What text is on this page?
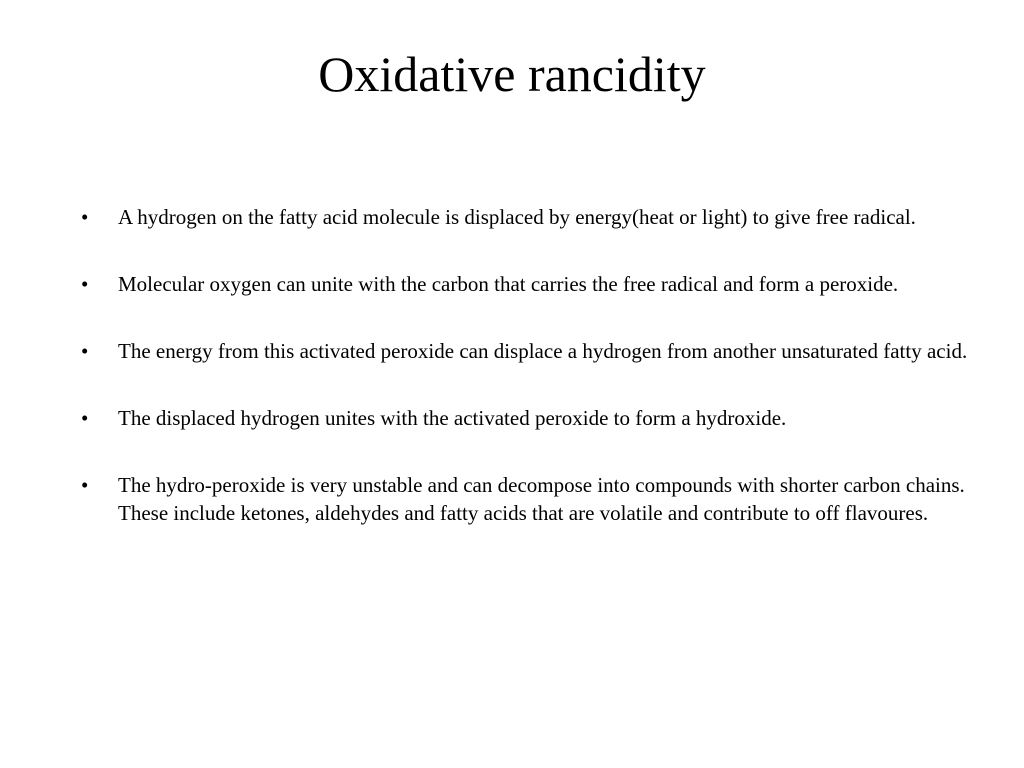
Oxidative rancidity
• A hydrogen on the fatty acid molecule is displaced by energy(heat or light) to give free radical.
• Molecular oxygen can unite with the carbon that carries the free radical and form a peroxide.
• The energy from this activated peroxide can displace a hydrogen from another unsaturated fatty acid.
• The displaced hydrogen unites with the activated peroxide to form a hydroxide.
• The hydro-peroxide is very unstable and can decompose into compounds with shorter carbon chains. These include ketones, aldehydes and fatty acids that are volatile and contribute to off flavoures.
